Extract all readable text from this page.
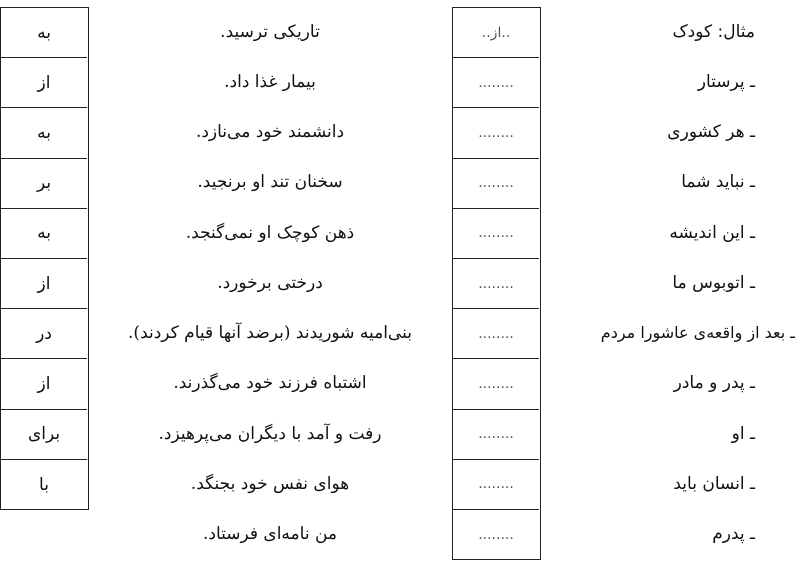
به
از
به
بر
به
از
در
از
برای
با
..از..
........
........
........
........
........
........
........
........
........
........
تاریکی ترسید.
بیمار غذا داد.
دانشمند خود می‌نازد.
سخنان تند او برنجید.
ذهن کوچک او نمی‌گنجد.
درختی برخورد.
بنی‌امیه شوریدند (برضد آنها قیام کردند).
اشتباه فرزند خود می‌گذرند.
رفت و آمد با دیگران می‌پرهیزد.
هوای نفس خود بجنگد.
من نامه‌ای فرستاد.
مثال: کودک
ـ پرستار
ـ هر کشوری
ـ نباید شما
ـ این اندیشه
ـ اتوبوس ما
ـ بعد از واقعه‌ی عاشورا مردم
ـ پدر و مادر
ـ او
ـ انسان باید
ـ پدرم
